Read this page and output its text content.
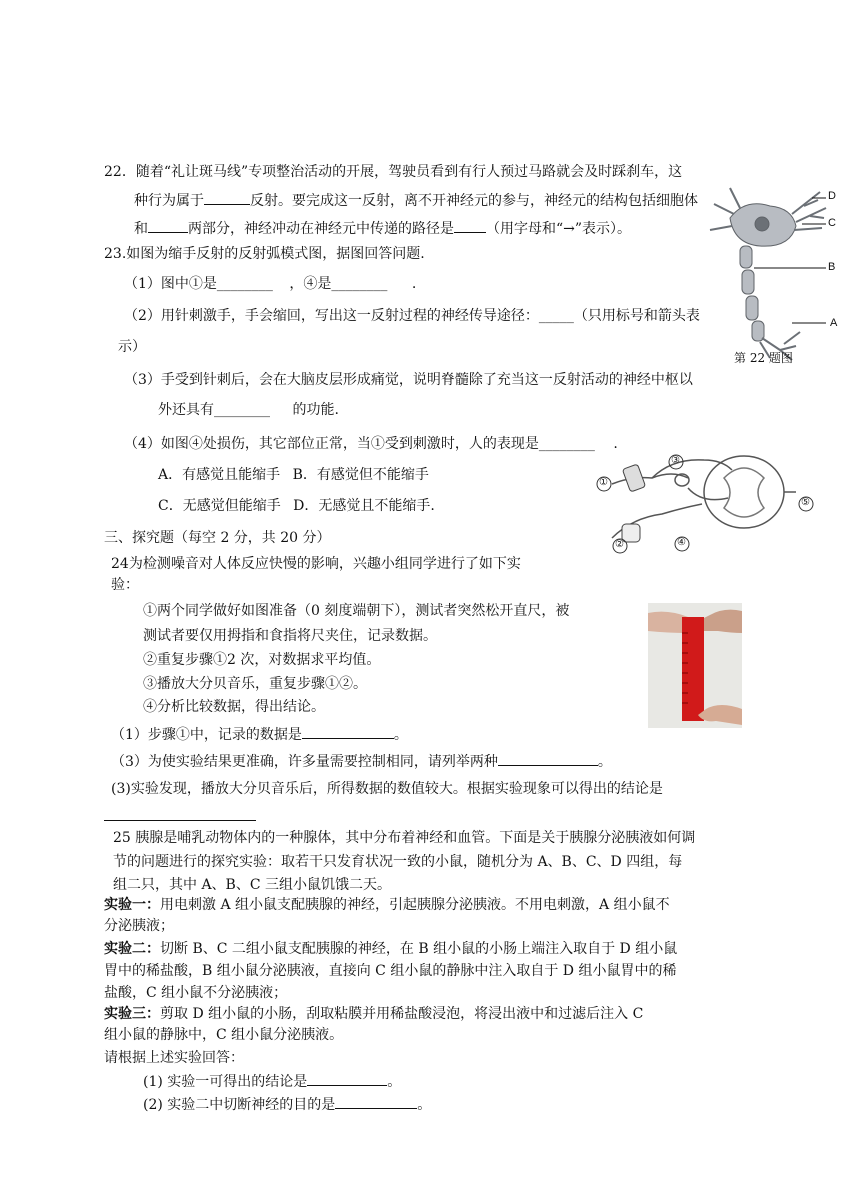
22．随着“礼让斑马线”专项整治活动的开展，驾驶员看到有行人预过马路就会及时踩刹车，这
种行为属于	反射。要完成这一反射，离不开神经元的参与，神经元的结构包括细胞体
和	两部分，神经冲动在神经元中传递的路径是 （用字母和“→”表示）。
D
C
B
A
第 22 题图
23.如图为缩手反射的反射弧模式图，据图回答问题.
（1）图中①是________ ，④是________ .
（2）用针刺激手，手会缩回，写出这一反射过程的神经传导途径：_____（只用标号和箭头表
示）
（3）手受到针刺后，会在大脑皮层形成痛觉，说明脊髓除了充当这一反射活动的神经中枢以
外还具有________ 的功能.
（4）如图④处损伤，其它部位正常，当①受到刺激时，人的表现是________ .
A．有感觉且能缩手 B．有感觉但不能缩手
C．无感觉但能缩手 D．无感觉且不能缩手.
①
③
②	④
⑤
三、探究题（每空 2 分，共 20 分）
24为检测噪音对人体反应快慢的影响，兴趣小组同学进行了如下实
验：
①两个同学做好如图准备（0 刻度端朝下），测试者突然松开直尺，被
测试者要仅用拇指和食指将尺夹住，记录数据。
②重复步骤①2 次，对数据求平均值。
③播放大分贝音乐，重复步骤①②。
④分析比较数据，得出结论。
（1）步骤①中，记录的数据是	。
（3）为使实验结果更准确，许多量需要控制相同，请列举两种	。
(3)实验发现，播放大分贝音乐后，所得数据的数值较大。根据实验现象可以得出的结论是
25 胰腺是哺乳动物体内的一种腺体，其中分布着神经和血管。下面是关于胰腺分泌胰液如何调
节的问题进行的探究实验：取若干只发育状况一致的小鼠，随机分为 A、B、C、D 四组，每
组二只，其中 A、B、C 三组小鼠饥饿二天。
实验一：用电刺激 A 组小鼠支配胰腺的神经，引起胰腺分泌胰液。不用电刺激，A 组小鼠不
分泌胰液；
实验二：切断 B、C 二组小鼠支配胰腺的神经，在 B 组小鼠的小肠上端注入取自于 D 组小鼠
胃中的稀盐酸，B 组小鼠分泌胰液，直接向 C 组小鼠的静脉中注入取自于 D 组小鼠胃中的稀
盐酸，C 组小鼠不分泌胰液；
实验三：剪取 D 组小鼠的小肠，刮取粘膜并用稀盐酸浸泡，将浸出液中和过滤后注入 C
组小鼠的静脉中，C 组小鼠分泌胰液。
请根据上述实验回答：
(1) 实验一可得出的结论是	。
(2) 实验二中切断神经的目的是	。
